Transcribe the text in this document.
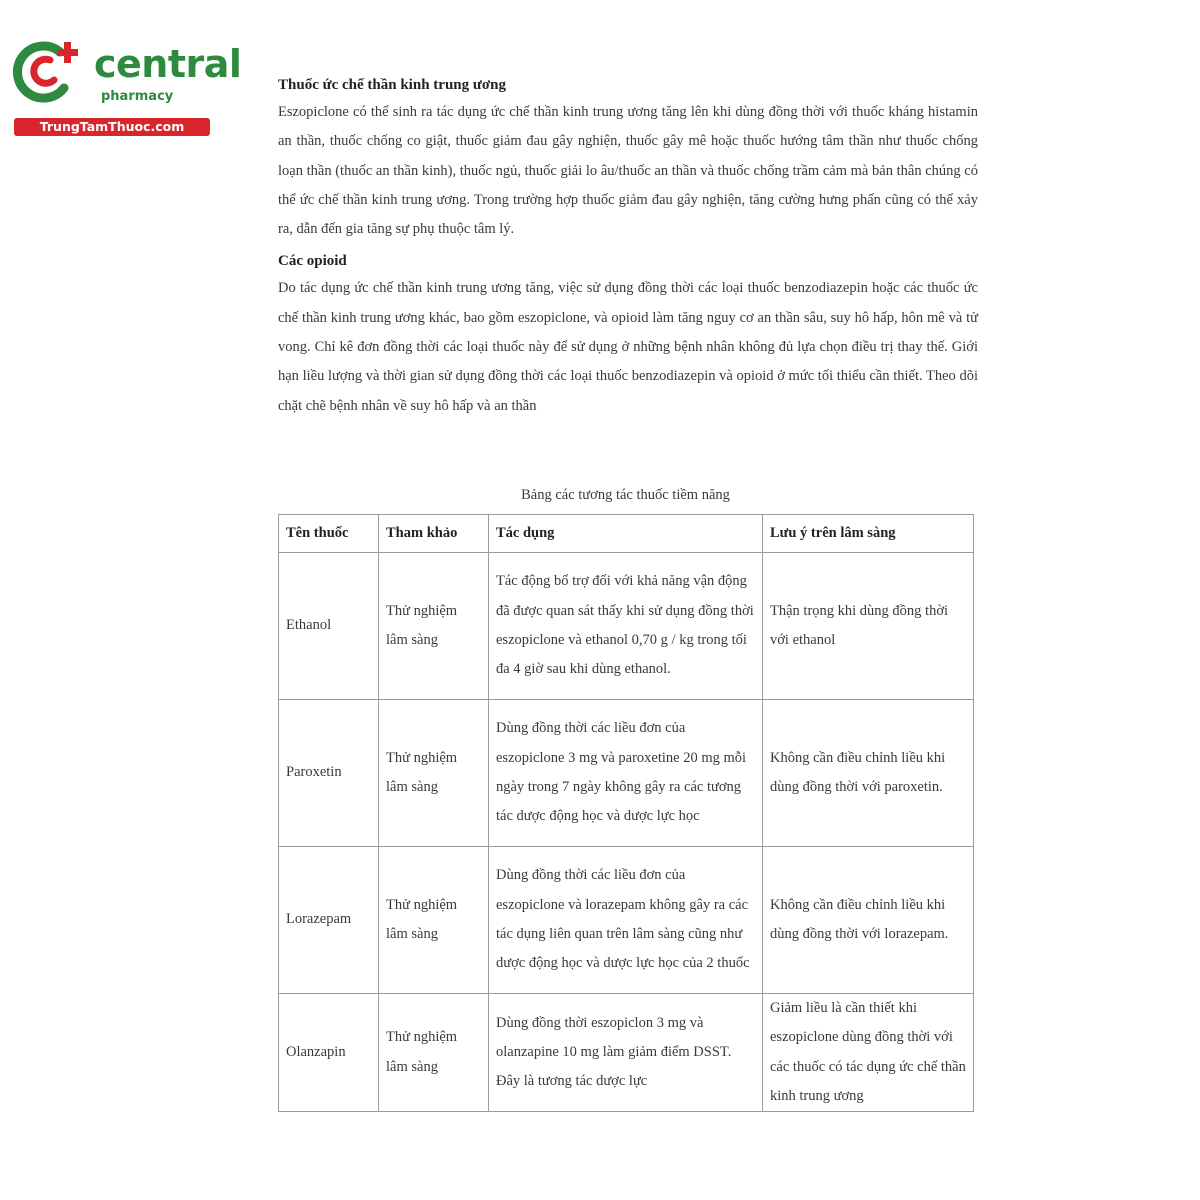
central
pharmacy
TrungTamThuoc.com
Thuốc ức chế thần kinh trung ương

Eszopiclone có thể sinh ra tác dụng ức chế thần kinh trung ương tăng lên khi dùng đồng thời với thuốc kháng histamin an thần, thuốc chống co giật, thuốc giảm đau gây nghiện, thuốc gây mê hoặc thuốc hướng tâm thần như thuốc chống loạn thần (thuốc an thần kinh), thuốc ngủ, thuốc giải lo âu/thuốc an thần và thuốc chống trầm cảm mà bản thân chúng có thể ức chế thần kinh trung ương. Trong trường hợp thuốc giảm đau gây nghiện, tăng cường hưng phấn cũng có thể xảy ra, dẫn đến gia tăng sự phụ thuộc tâm lý.

Các opioid

Do tác dụng ức chế thần kinh trung ương tăng, việc sử dụng đồng thời các loại thuốc benzodiazepin hoặc các thuốc ức chế thần kinh trung ương khác, bao gồm eszopiclone, và opioid làm tăng nguy cơ an thần sâu, suy hô hấp, hôn mê và tử vong. Chỉ kê đơn đồng thời các loại thuốc này để sử dụng ở những bệnh nhân không đủ lựa chọn điều trị thay thế. Giới hạn liều lượng và thời gian sử dụng đồng thời các loại thuốc benzodiazepin và opioid ở mức tối thiểu cần thiết. Theo dõi chặt chẽ bệnh nhân về suy hô hấp và an thần

Bảng các tương tác thuốc tiềm năng
Tên thuốc	Tham khảo	Tác dụng	Lưu ý trên lâm sàng
Ethanol	Thử nghiệm lâm sàng	Tác động bổ trợ đối với khả năng vận động đã được quan sát thấy khi sử dụng đồng thời eszopiclone và ethanol 0,70 g / kg trong tối đa 4 giờ sau khi dùng ethanol.	Thận trọng khi dùng đồng thời với ethanol
Paroxetin	Thử nghiệm lâm sàng	Dùng đồng thời các liều đơn của eszopiclone 3 mg và paroxetine 20 mg mỗi ngày trong 7 ngày không gây ra các tương tác dược động học và dược lực học	Không cần điều chỉnh liều khi dùng đồng thời với paroxetin.
Lorazepam	Thử nghiệm lâm sàng	Dùng đồng thời các liều đơn của eszopiclone và lorazepam không gây ra các tác dụng liên quan trên lâm sàng cũng như dược động học và dược lực học của 2 thuốc	Không cần điều chỉnh liều khi dùng đồng thời với lorazepam.
Olanzapin	Thử nghiệm lâm sàng	Dùng đồng thời eszopiclon 3 mg và olanzapine 10 mg làm giảm điểm DSST. Đây là tương tác dược lực	Giảm liều là cần thiết khi eszopiclone dùng đồng thời với các thuốc có tác dụng ức chế thần kinh trung ương
